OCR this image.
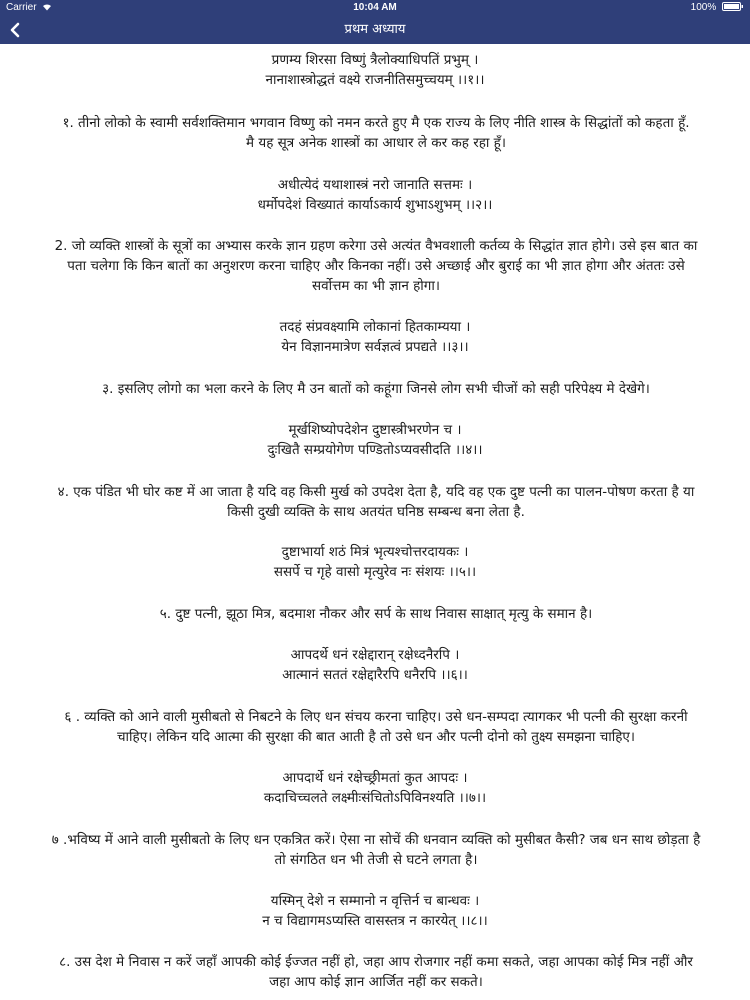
Carrier	10:04 AM	100%
प्रथम अध्याय
प्रणम्य शिरसा विष्णुं त्रैलोक्याधिपतिं प्रभुम् ।
नानाशास्त्रोद्धतं वक्ष्ये राजनीतिसमुच्चयम् ।।१।।
१. तीनो लोको के स्वामी सर्वशक्तिमान भगवान विष्णु को नमन करते हुए मै एक राज्य के लिए नीति शास्त्र के सिद्धांतों को कहता हूँ.
मै यह सूत्र अनेक शास्त्रों का आधार ले कर कह रहा हूँ।
अधीत्येदं यथाशास्त्रं नरो जानाति सत्तमः ।
धर्मोपदेशं विख्यातं कार्याऽकार्य शुभाऽशुभम् ।।२।।
2. जो व्यक्ति शास्त्रों के सूत्रों का अभ्यास करके ज्ञान ग्रहण करेगा उसे अत्यंत वैभवशाली कर्तव्य के सिद्धांत ज्ञात होगे। उसे इस बात का
पता चलेगा कि किन बातों का अनुशरण करना चाहिए और किनका नहीं। उसे अच्छाई और बुराई का भी ज्ञात होगा और अंततः उसे
सर्वोत्तम का भी ज्ञान होगा।
तदहं संप्रवक्ष्यामि लोकानां हितकाम्यया ।
येन विज्ञानमात्रेण सर्वज्ञत्वं प्रपद्यते ।।३।।
३. इसलिए लोगो का भला करने के लिए मै उन बातों को कहूंगा जिनसे लोग सभी चीजों को सही परिपेक्ष्य मे देखेगे।
मूर्खशिष्योपदेशेन दुष्टास्त्रीभरणेन च ।
दुःखितै सम्प्रयोगेण पण्डितोऽप्यवसीदति ।।४।।
४. एक पंडित भी घोर कष्ट में आ जाता है यदि वह किसी मुर्ख को उपदेश देता है, यदि वह एक दुष्ट पत्नी का पालन-पोषण करता है या
किसी दुखी व्यक्ति के साथ अतयंत घनिष्ठ सम्बन्ध बना लेता है.
दुष्टाभार्या शठं मित्रं भृत्यश्चोत्तरदायकः ।
ससर्पे च गृहे वासो मृत्युरेव नः संशयः ।।५।।
५. दुष्ट पत्नी, झूठा मित्र, बदमाश नौकर और सर्प के साथ निवास साक्षात् मृत्यु के समान है।
आपदर्थे धनं रक्षेद्दारान् रक्षेध्दनैरपि ।
आत्मानं सततं रक्षेद्दारैरपि धनैरपि ।।६।।
६ . व्यक्ति को आने वाली मुसीबतो से निबटने के लिए धन संचय करना चाहिए। उसे धन-सम्पदा त्यागकर भी पत्नी की सुरक्षा करनी
चाहिए। लेकिन यदि आत्मा की सुरक्षा की बात आती है तो उसे धन और पत्नी दोनो को तुक्ष्य समझना चाहिए।
आपदार्थे धनं रक्षेच्छ्रीमतां कुत आपदः ।
कदाचिच्चलते लक्ष्मीःसंचितोऽपिविनश्यति ।।७।।
७ .भविष्य में आने वाली मुसीबतो के लिए धन एकत्रित करें। ऐसा ना सोचें की धनवान व्यक्ति को मुसीबत कैसी? जब धन साथ छोड़ता है
तो संगठित धन भी तेजी से घटने लगता है।
यस्मिन् देशे न सम्मानो न वृत्तिर्न च बान्धवः ।
न च विद्यागमऽप्यस्ति वासस्तत्र न कारयेत् ।।८।।
८. उस देश मे निवास न करें जहाँ आपकी कोई ईज्जत नहीं हो, जहा आप रोजगार नहीं कमा सकते, जहा आपका कोई मित्र नहीं और
जहा आप कोई ज्ञान आर्जित नहीं कर सकते।
